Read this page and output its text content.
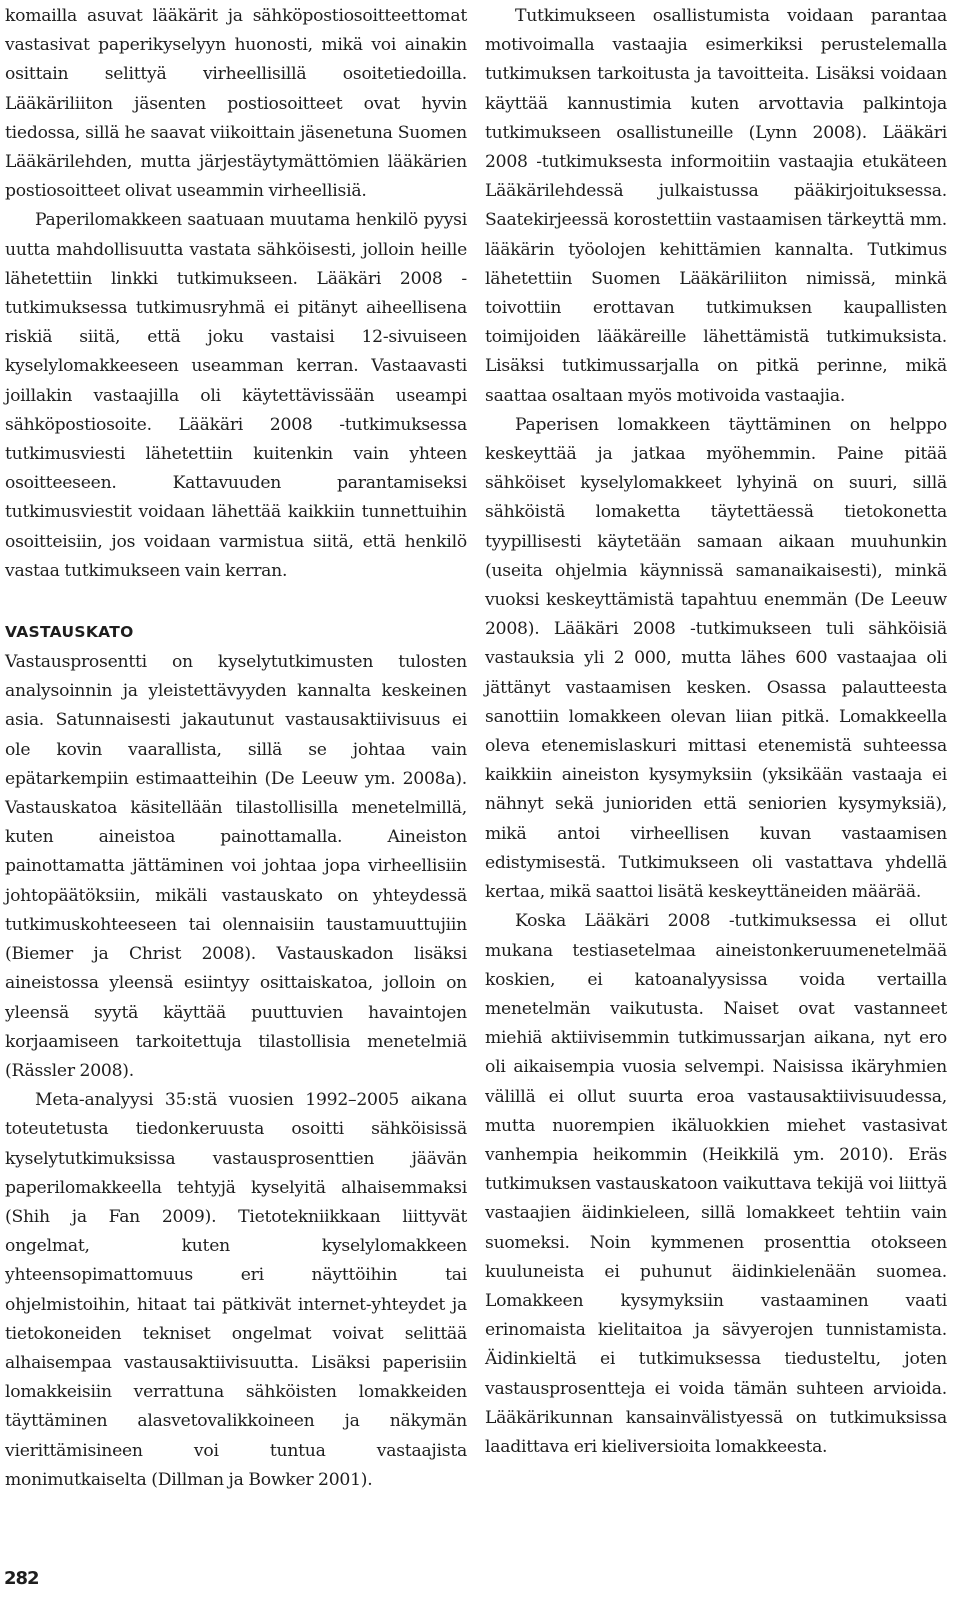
komailla asuvat lääkärit ja sähköpostiosoitteettomat vastasivat paperikyselyyn huonosti, mikä voi ainakin osittain selittyä virheellisillä osoitetiedoilla. Lääkäriliiton jäsenten postiosoitteet ovat hyvin tiedossa, sillä he saavat viikoittain jäsenetuna Suomen Lääkärilehden, mutta järjestäytymättömien lääkärien postiosoitteet olivat useammin virheellisiä.

Paperilomakkeen saatuaan muutama henkilö pyysi uutta mahdollisuutta vastata sähköisesti, jolloin heille lähetettiin linkki tutkimukseen. Lääkäri 2008 -tutkimuksessa tutkimusryhmä ei pitänyt aiheellisena riskiä siitä, että joku vastaisi 12-sivuiseen kyselylomakkeeseen useamman kerran. Vastaavasti joillakin vastaajilla oli käytettävissään useampi sähköpostiosoite. Lääkäri 2008 -tutkimuksessa tutkimusviesti lähetettiin kuitenkin vain yhteen osoitteeseen. Kattavuuden parantamiseksi tutkimusviestit voidaan lähettää kaikkiin tunnettuihin osoitteisiin, jos voidaan varmistua siitä, että henkilö vastaa tutkimukseen vain kerran.

VASTAUSKATO

Vastausprosentti on kyselytutkimusten tulosten analysoinnin ja yleistettävyyden kannalta keskeinen asia. Satunnaisesti jakautunut vastausaktiivisuus ei ole kovin vaarallista, sillä se johtaa vain epätarkempiin estimaatteihin (De Leeuw ym. 2008a). Vastauskatoa käsitellään tilastollisilla menetelmillä, kuten aineistoa painottamalla. Aineiston painottamatta jättäminen voi johtaa jopa virheellisiin johtopäätöksiin, mikäli vastauskato on yhteydessä tutkimuskohteeseen tai olennaisiin taustamuuttujiin (Biemer ja Christ 2008). Vastauskadon lisäksi aineistossa yleensä esiintyy osittaiskatoa, jolloin on yleensä syytä käyttää puuttuvien havaintojen korjaamiseen tarkoitettuja tilastollisia menetelmiä (Rässler 2008).

Meta-analyysi 35:stä vuosien 1992–2005 aikana toteutetusta tiedonkeruusta osoitti sähköisissä kyselytutkimuksissa vastausprosenttien jäävän paperilomakkeella tehtyjä kyselyitä alhaisemmaksi (Shih ja Fan 2009). Tietotekniikkaan liittyvät ongelmat, kuten kyselylomakkeen yhteensopimattomuus eri näyttöihin tai ohjelmistoihin, hitaat tai pätkivät internet-yhteydet ja tietokoneiden tekniset ongelmat voivat selittää alhaisempaa vastausaktiivisuutta. Lisäksi paperisiin lomakkeisiin verrattuna sähköisten lomakkeiden täyttäminen alasvetovalikkoineen ja näkymän vierittämisineen voi tuntua vastaajista monimutkaiselta (Dillman ja Bowker 2001).

Tutkimukseen osallistumista voidaan parantaa motivoimalla vastaajia esimerkiksi perustelemalla tutkimuksen tarkoitusta ja tavoitteita. Lisäksi voidaan käyttää kannustimia kuten arvottavia palkintoja tutkimukseen osallistuneille (Lynn 2008). Lääkäri 2008 -tutkimuksesta informoitiin vastaajia etukäteen Lääkärilehdessä julkaistussa pääkirjoituksessa. Saatekirjeessä korostettiin vastaamisen tärkeyttä mm. lääkärin työolojen kehittämien kannalta. Tutkimus lähetettiin Suomen Lääkäriliiton nimissä, minkä toivottiin erottavan tutkimuksen kaupallisten toimijoiden lääkäreille lähettämistä tutkimuksista. Lisäksi tutkimussarjalla on pitkä perinne, mikä saattaa osaltaan myös motivoida vastaajia.

Paperisen lomakkeen täyttäminen on helppo keskeyttää ja jatkaa myöhemmin. Paine pitää sähköiset kyselylomakkeet lyhyinä on suuri, sillä sähköistä lomaketta täytettäessä tietokonetta tyypillisesti käytetään samaan aikaan muuhunkin (useita ohjelmia käynnissä samanaikaisesti), minkä vuoksi keskeyttämistä tapahtuu enemmän (De Leeuw 2008). Lääkäri 2008 -tutkimukseen tuli sähköisiä vastauksia yli 2 000, mutta lähes 600 vastaajaa oli jättänyt vastaamisen kesken. Osassa palautteesta sanottiin lomakkeen olevan liian pitkä. Lomakkeella oleva etenemislaskuri mittasi etenemistä suhteessa kaikkiin aineiston kysymyksiin (yksikään vastaaja ei nähnyt sekä junioriden että seniorien kysymyksiä), mikä antoi virheellisen kuvan vastaamisen edistymisestä. Tutkimukseen oli vastattava yhdellä kertaa, mikä saattoi lisätä keskeyttäneiden määrää.

Koska Lääkäri 2008 -tutkimuksessa ei ollut mukana testiasetelmaa aineistonkeruumenetelmää koskien, ei katoanalyysissa voida vertailla menetelmän vaikutusta. Naiset ovat vastanneet miehiä aktiivisemmin tutkimussarjan aikana, nyt ero oli aikaisempia vuosia selvempi. Naisissa ikäryhmien välillä ei ollut suurta eroa vastausaktiivisuudessa, mutta nuorempien ikäluokkien miehet vastasivat vanhempia heikommin (Heikkilä ym. 2010). Eräs tutkimuksen vastauskatoon vaikuttava tekijä voi liittyä vastaajien äidinkieleen, sillä lomakkeet tehtiin vain suomeksi. Noin kymmenen prosenttia otokseen kuuluneista ei puhunut äidinkielenään suomea. Lomakkeen kysymyksiin vastaaminen vaati erinomaista kielitaitoa ja sävyerojen tunnistamista. Äidinkieltä ei tutkimuksessa tiedusteltu, joten vastausprosentteja ei voida tämän suhteen arvioida. Lääkärikunnan kansainvälistyessä on tutkimuksissa laadittava eri kieliversioita lomakkeesta.

282
